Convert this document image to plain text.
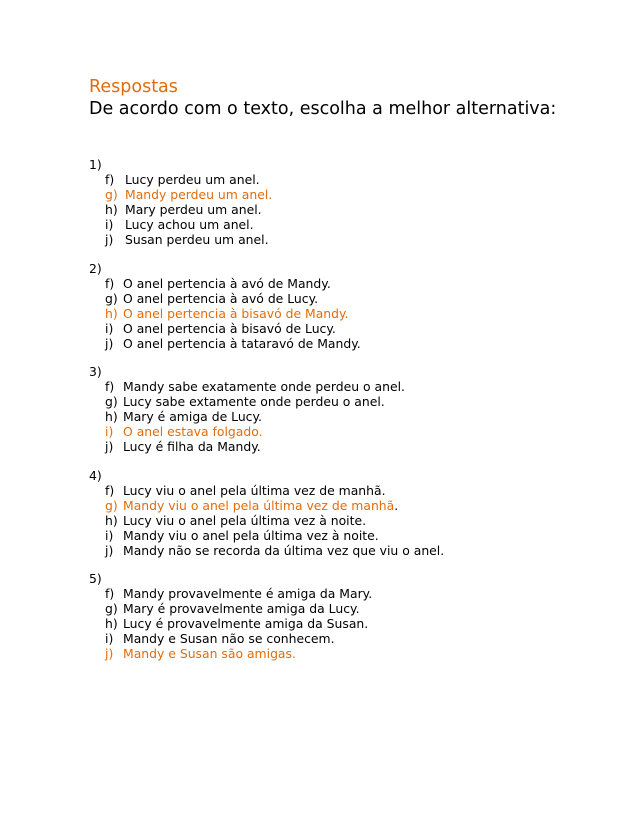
Respostas
De acordo com o texto, escolha a melhor alternativa:
1)
f) Lucy perdeu um anel.
g) Mandy perdeu um anel.
h) Mary perdeu um anel.
i) Lucy achou um anel.
j) Susan perdeu um anel.
2)
f) O anel pertencia à avó de Mandy.
g) O anel pertencia à avó de Lucy.
h) O anel pertencia à bisavó de Mandy.
i) O anel pertencia à bisavó de Lucy.
j) O anel pertencia à tataravó de Mandy.
3)
f) Mandy sabe exatamente onde perdeu o anel.
g) Lucy sabe extamente onde perdeu o anel.
h) Mary é amiga de Lucy.
i) O anel estava folgado.
j) Lucy é filha da Mandy.
4)
f) Lucy viu o anel pela última vez de manhã.
g) Mandy viu o anel pela última vez de manhã.
h) Lucy viu o anel pela última vez à noite.
i) Mandy viu o anel pela última vez à noite.
j) Mandy não se recorda da última vez que viu o anel.
5)
f) Mandy provavelmente é amiga da Mary.
g) Mary é provavelmente amiga da Lucy.
h) Lucy é provavelmente amiga da Susan.
i) Mandy e Susan não se conhecem.
j) Mandy e Susan são amigas.
